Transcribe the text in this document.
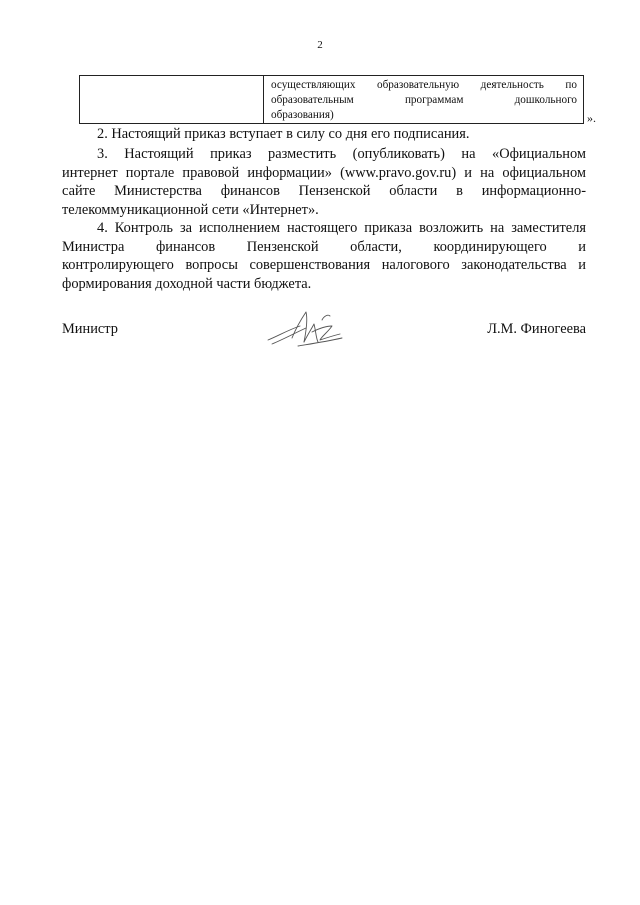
2
осуществляющих образовательную деятельность по
образовательным программам дошкольного
образования)	».
2. Настоящий приказ вступает в силу со дня его подписания.
3. Настоящий приказ разместить (опубликовать) на «Официальном
интернет портале правовой информации» (www.pravo.gov.ru) и на официальном
сайте Министерства финансов Пензенской области в информационно-
телекоммуникационной сети «Интернет».
4. Контроль за исполнением настоящего приказа возложить на заместителя
Министра финансов Пензенской области, координирующего и
контролирующего вопросы совершенствования налогового законодательства и
формирования доходной части бюджета.
Министр	Л.М. Финогеева
